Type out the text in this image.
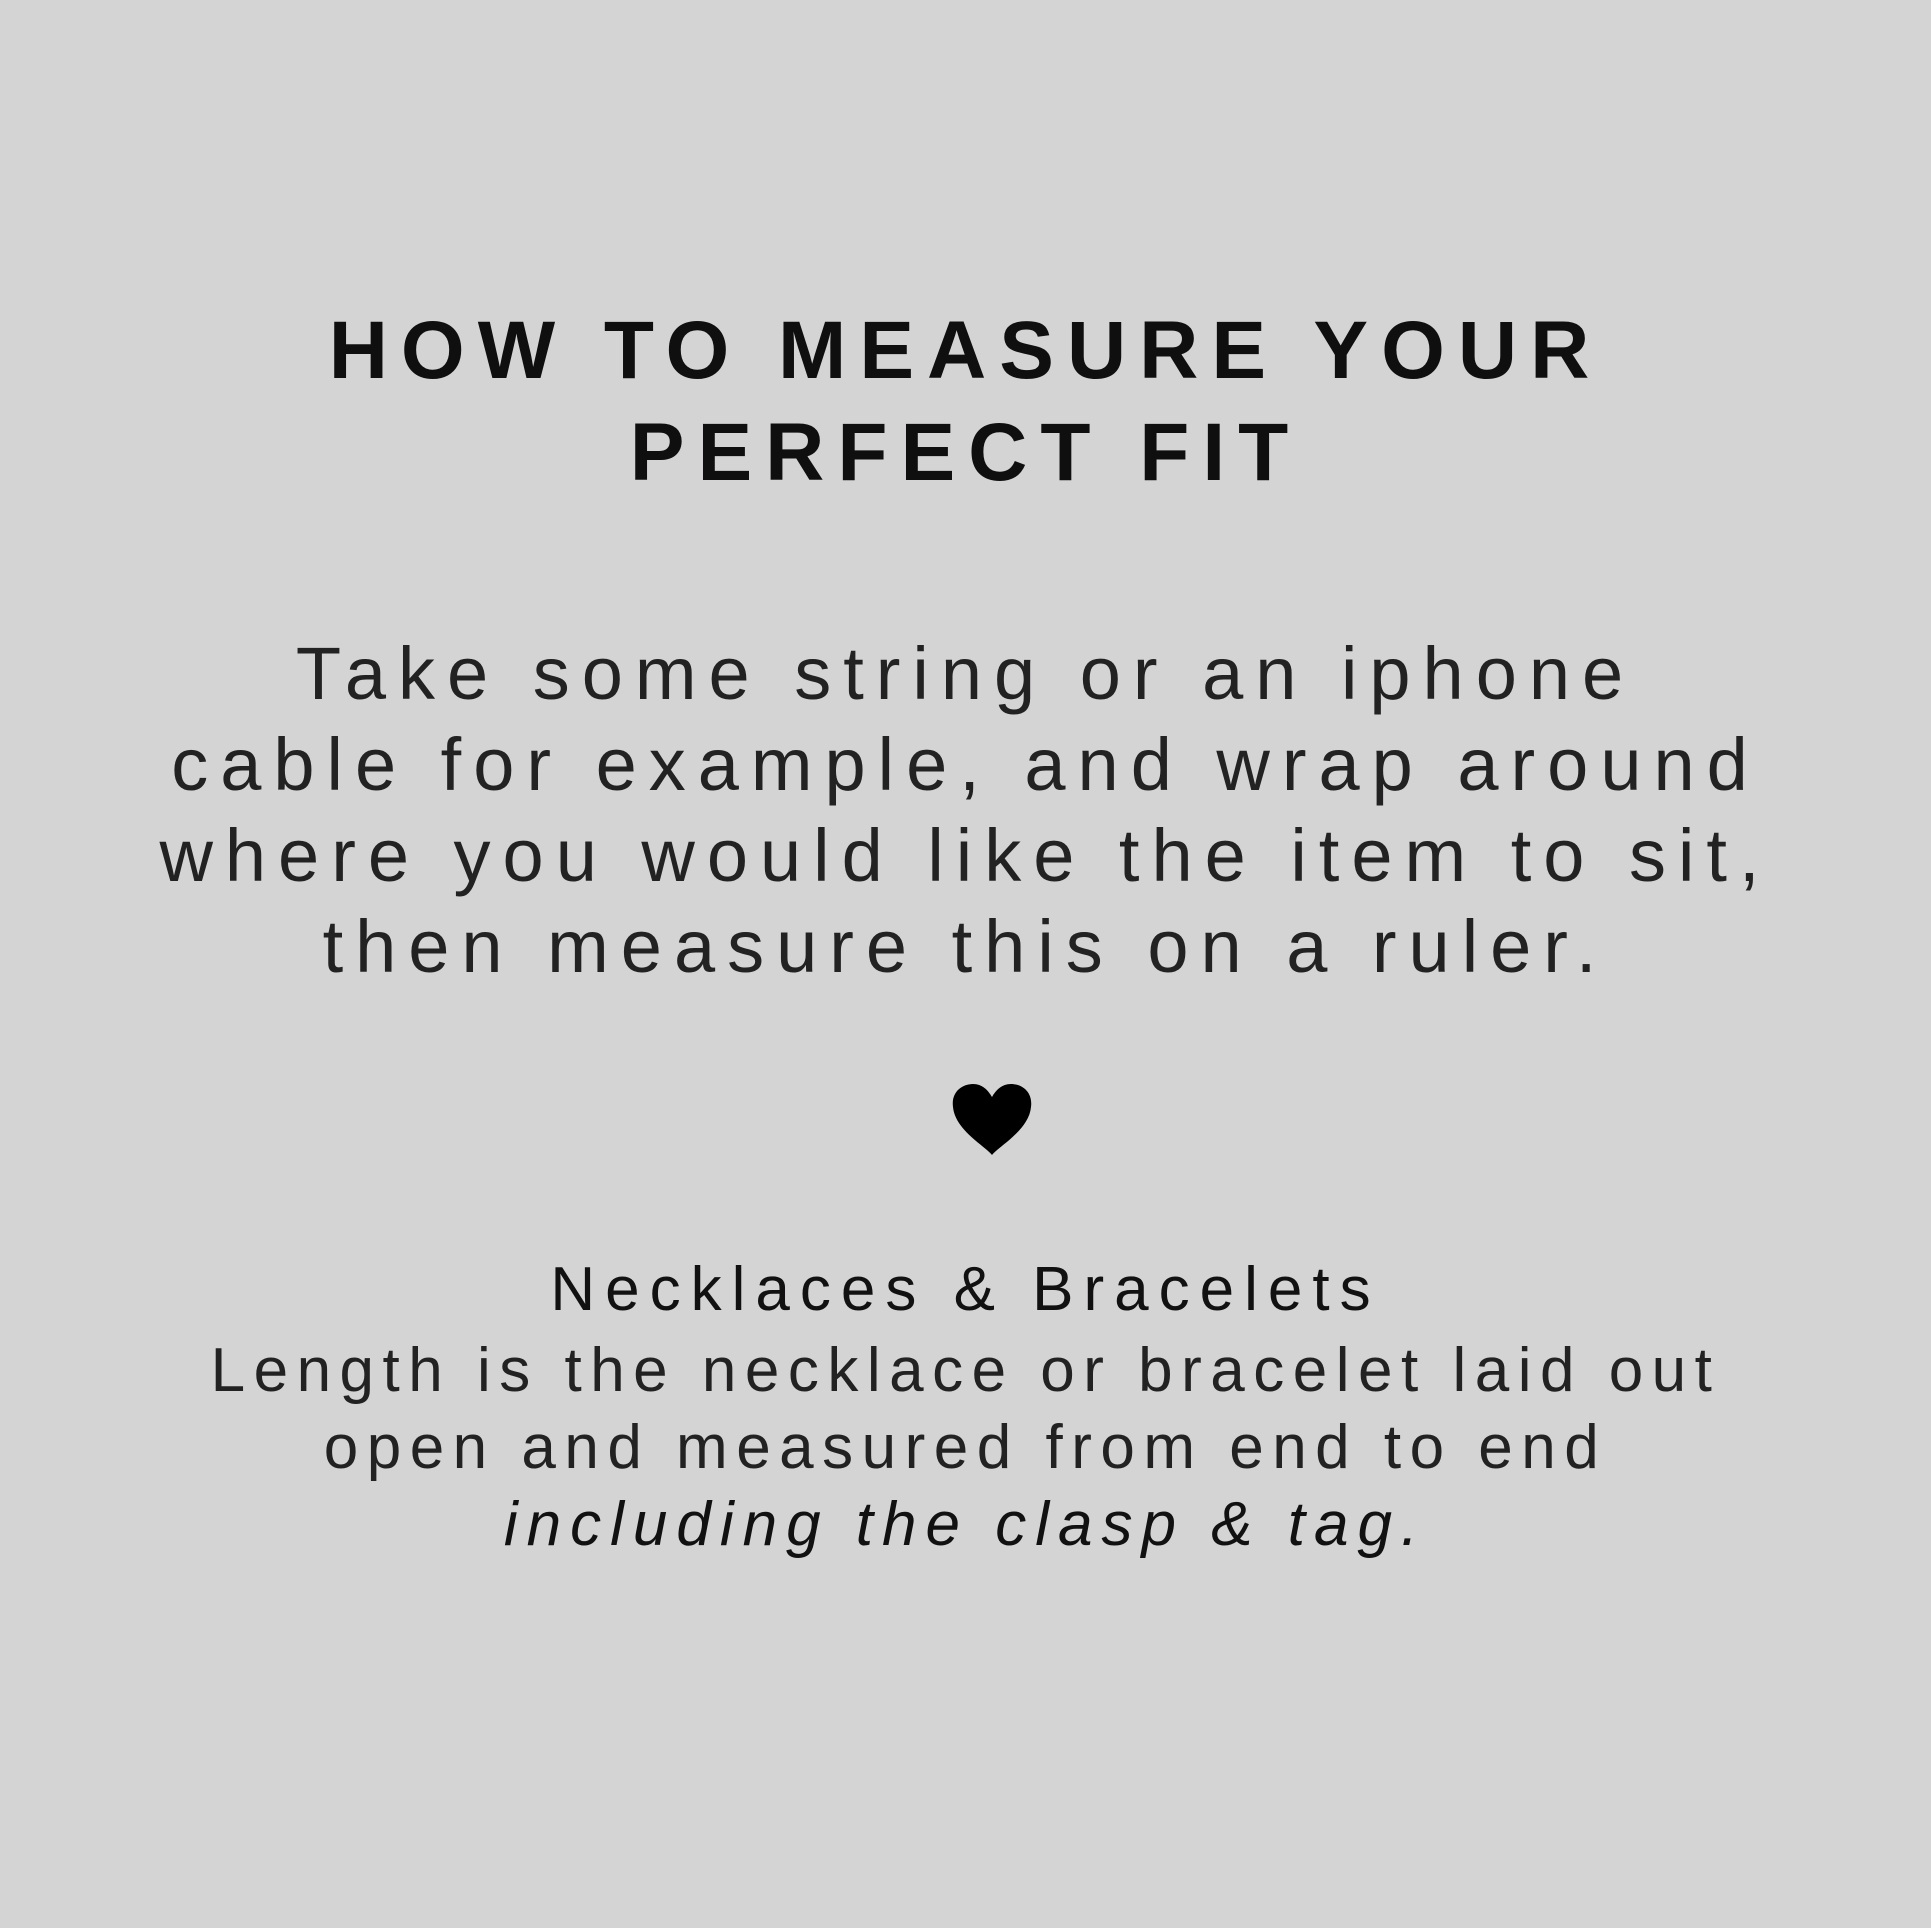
HOW TO MEASURE YOUR
PERFECT FIT
Take some string or an iphone
cable for example, and wrap around
where you would like the item to sit,
then measure this on a ruler.
Necklaces & Bracelets
Length is the necklace or bracelet laid out
open and measured from end to end
including the clasp & tag.
